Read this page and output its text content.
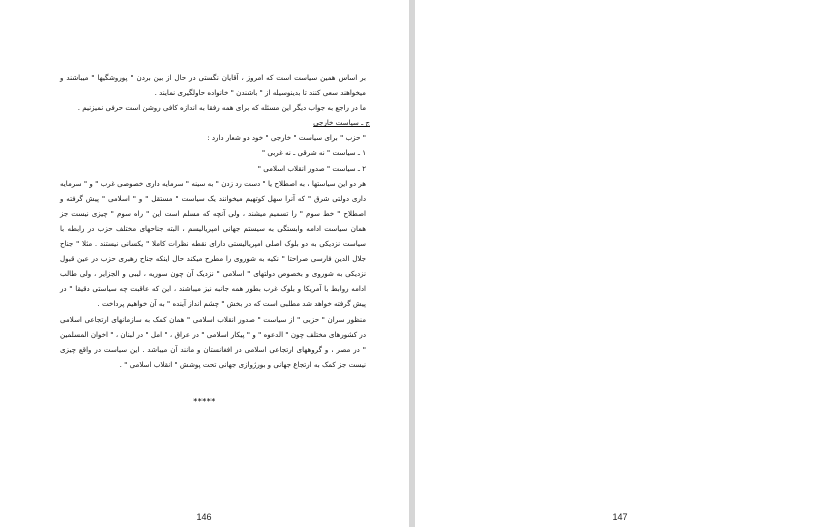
بر اساس همین سیاست است که امروز ، آقایان نگستی در حال از بین بردن " پوروشگیها " میباشند و میخواهند سعی کنند تا بدینوسیله از " باشندن " خانواده حاولگیری نمایند .

ما در راجع به جواب دیگر این مسئله که برای همه رفقا به اندازه کافی روشن است حرفی نمیزنیم .

ج ـ سیاست خارجی

" حزب " برای سیاست " خارجی " خود دو شعار دارد :

۱ ـ سیاست " نه شرقی ـ نه غربی "

۲ ـ سیاست " صدور انقلاب اسلامی "

هر دو این سیاستها ، به اصطلاح یا " دست رد زدن " به سینه " سرمایه داری خصوصی غرب " و " سرمایه داری دولتی شرق " که آنرا سهل کوتهیم میخوانند یک سیاست " مستقل " و " اسلامی " پیش گرفته و اصطلاح " خط سوم " را تسمیم میشند ، ولی آنچه که مسلم است این " راه سوم " چیزی نیست جز همان سیاست ادامه وابستگی به سیستم جهانی امپریالیسم ، البته جناحهای مختلف حزب در رابطه با سیاست نزدیکی به دو بلوک اصلی امپریالیستی دارای نقطه نظرات کاملا " یکسانی نیستند . مثلا " جناح جلال الدین فارسی صراحتا " نکیه به شوروی را مطرح میکند حال اینکه جناح رهبری حزب در عین قبول نزدیکی به شوروی و بخصوص دولتهای " اسلامی " نزدیک آن چون سوریه ، لیبی و الجزایر ، ولی طالب ادامه روابط با آمریکا و بلوک غرب بطور همه جانبه نیز میباشند ، این که عاقبت چه سیاستی دقیقا " در پیش گرفته خواهد شد مطلبی است که در بخش " چشم انداز آینده " به آن خواهیم پرداخت .

منظور سران " حزبی " از سیاست " صدور انقلاب اسلامی " همان کمک به سازمانهای ارتجاعی اسلامی در کشورهای مختلف چون " الدعوه " و " پیکار اسلامی " در عراق ، " امل " در لبنان ، " اخوان المسلمین " در مصر ، و گروههای ارتجاعی اسلامی در افغانستان و مانند آن میباشد . این سیاست در واقع چیزی نیست جز کمک به ارتجاع جهانی و بورژوازی جهانی تحت پوشش " انقلاب اسلامی " .

*****
146	147
